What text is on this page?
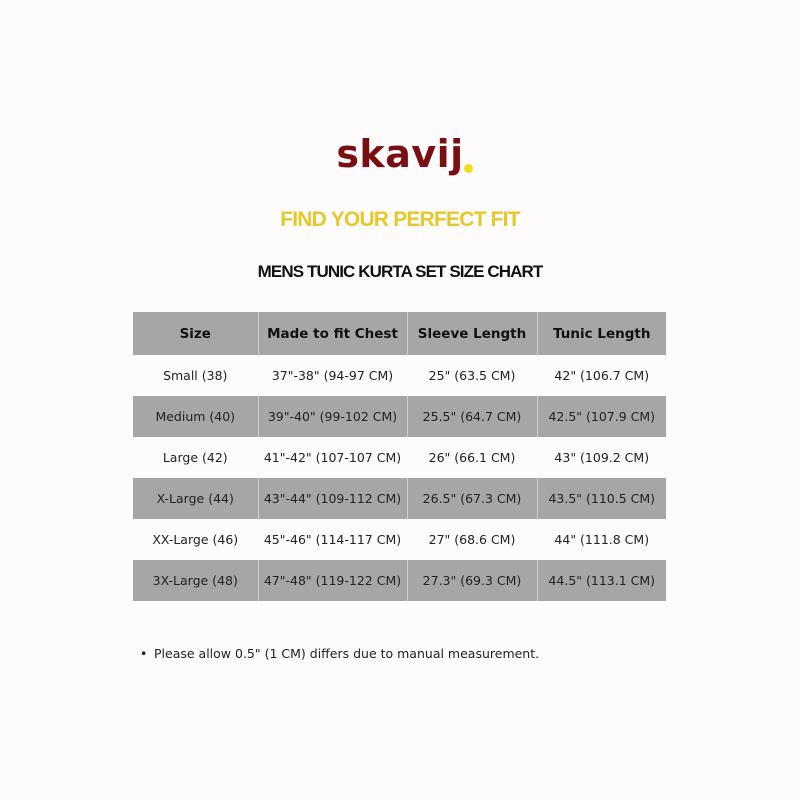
skavij
FIND YOUR PERFECT FIT
MENS TUNIC KURTA SET SIZE CHART
Size	Made to fit Chest	Sleeve Length	Tunic Length
Small (38)	37"-38" (94-97 CM)	25" (63.5 CM)	42" (106.7 CM)
Medium (40)	39"-40" (99-102 CM)	25.5" (64.7 CM)	42.5" (107.9 CM)
Large (42)	41"-42" (107-107 CM)	26" (66.1 CM)	43" (109.2 CM)
X-Large (44)	43"-44" (109-112 CM)	26.5" (67.3 CM)	43.5" (110.5 CM)
XX-Large (46)	45"-46" (114-117 CM)	27" (68.6 CM)	44" (111.8 CM)
3X-Large (48)	47"-48" (119-122 CM)	27.3" (69.3 CM)	44.5" (113.1 CM)
• Please allow 0.5" (1 CM) differs due to manual measurement.
